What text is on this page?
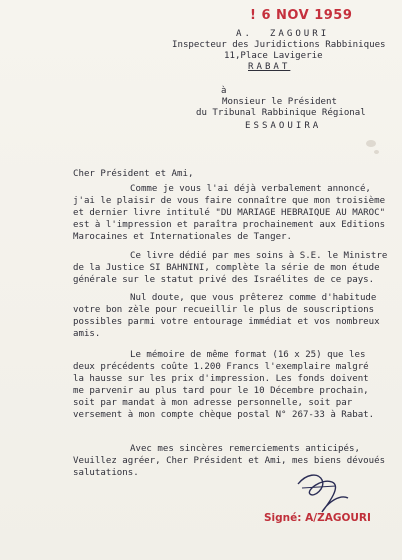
! 6 NOV 1959
A.  ZAGOURI
Inspecteur des Juridictions Rabbiniques
11,Place Lavigerie
RABAT
à
Monsieur le Président
du Tribunal Rabbinique Régional
ESSAOUIRA
Cher Président et Ami,
Comme je vous l'ai déjà verbalement annoncé,
j'ai le plaisir de vous faire connaître que mon troisième
et dernier livre intitulé "DU MARIAGE HEBRAIQUE AU MAROC"
est à l'impression et paraîtra prochainement aux Editions
Marocaines et Internationales de Tanger.
Ce livre dédié par mes soins à S.E. le Ministre
de la Justice SI BAHNINI, complète la série de mon étude
générale sur le statut privé des Israélites de ce pays.
Nul doute, que vous prêterez comme d'habitude
votre bon zèle pour recueillir le plus de souscriptions
possibles parmi votre entourage immédiat et vos nombreux
amis.
Le mémoire de même format (16 x 25) que les
deux précédents coûte 1.200 Francs l'exemplaire malgré
la hausse sur les prix d'impression. Les fonds doivent
me parvenir au plus tard pour le 10 Décembre prochain,
soit par mandat à mon adresse personnelle, soit par
versement à mon compte chèque postal N° 267-33 à Rabat.
Avec mes sincères remerciements anticipés,
Veuillez agréer, Cher Président et Ami, mes biens dévoués
salutations.
Signé: A/ZAGOURI
